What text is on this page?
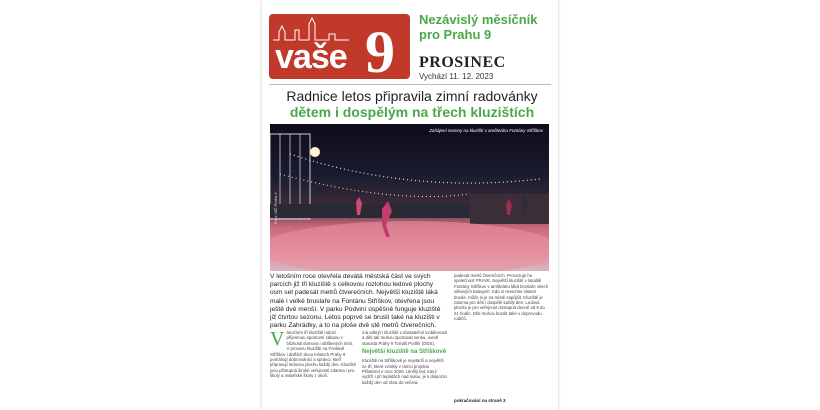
vaše 9 Nezávislý měsíčník pro Prahu 9
PROSINEC
Vychází 11. 12. 2023
Radnice letos připravila zimní radovánky
dětem i dospělým na třech kluzištích
Zahájení sezony na kluzišti v amfiteátru Fontány Stříškov
Foto: MČ Praha 9
V letošním roce otevřela devátá městská část ve svých parcích již tři kluziště s celkovou rozlohou ledové plochy osm set padesát metrů čtverečních. Největší kluziště láká malé i velké bruslaře na Fontánu Stříškov, otevřena jsou ještě dvě menší. V parku Podviní úspěšně funguje kluziště již čtvrtou sezonu. Letos poprvé se bruslí také na kluzišti v parku Zahrádky, a to na ploše dvě stě metrů čtverečních.
V ánočním tři kluziště nabízí příjemnou sportovní zábavu v blízkosti domova i oblíbených míst. V provozu kluziště na Fontáně Stříškov i dalších dvou místech Prahy 9 pomáhají dobrovolníci a správci, kteří připravují ledovou plochu každý den. Kluziště jsou přístupná široké veřejnosti zdarma i pro školy a mateřské školy z okolí.
má odkrýt i kluziště v dostatečné vzdálenosti a děti tak mohou sportovat venku, uvedl starosta Prahy 9 Tomáš Portlík (ODS).
Největší kluziště na Stříškově
Kluziště na Stříškově je nejstarší a největší ze tří, které vznikly v rámci projektu Přátelství v roce 2020. Umělý led, který vydrží i při teplotách nad nulou, je k dispozici každý den od rána do večera.
padesát metrů čtverečních. Provozuje ho společnost PRAVE. Největší kluziště v lokalitě Fontány Stříškov v amfiteátru láká bruslaře všech věkových kategorií. Kdo si nevezme vlastní brusle, může si je na místě zapůjčit. Kluziště je zdarma pro děti i dospělé každý den. Ledová plocha je pro veřejnost dostupná denně od 9 do 21 hodin. Děti mohou bruslit také v doprovodu rodičů.
pokračování na straně 3
